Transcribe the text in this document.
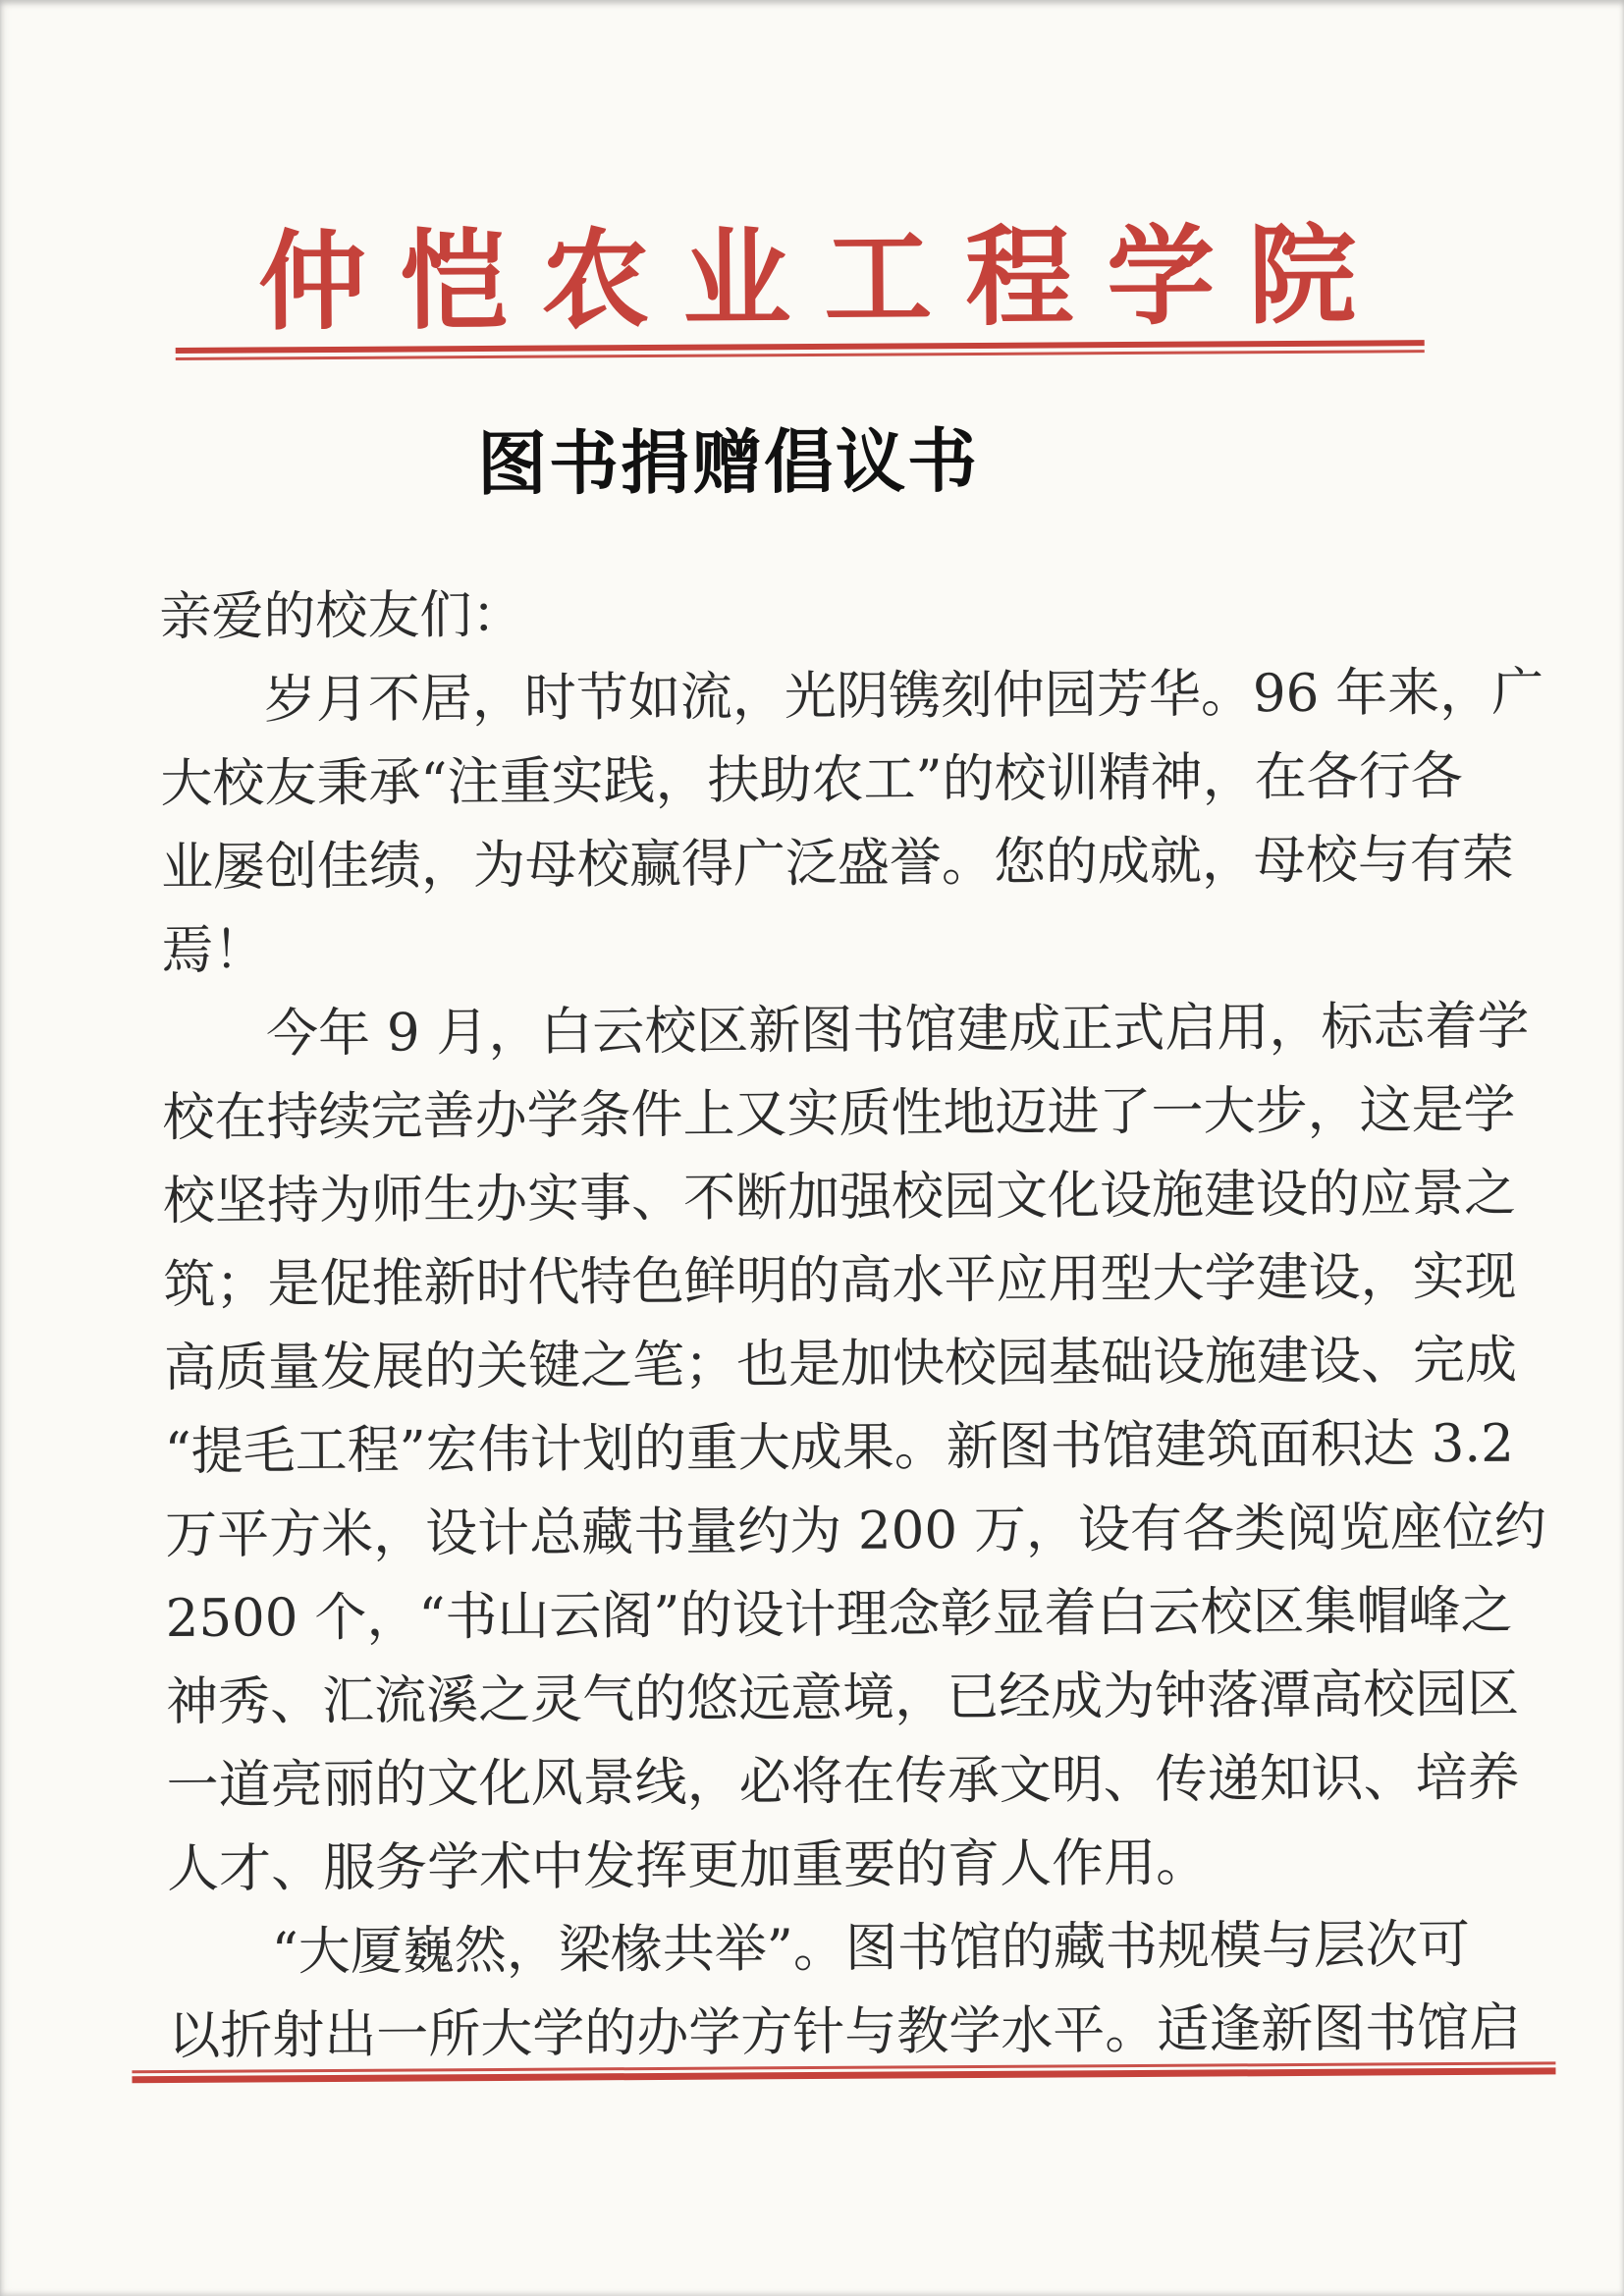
仲恺农业工程学院
图书捐赠倡议书
亲爱的校友们：
岁月不居，时节如流，光阴镌刻仲园芳华。96 年来，广
大校友秉承“注重实践，扶助农工”的校训精神，在各行各
业屡创佳绩，为母校赢得广泛盛誉。您的成就，母校与有荣
焉！
今年 9 月，白云校区新图书馆建成正式启用，标志着学
校在持续完善办学条件上又实质性地迈进了一大步，这是学
校坚持为师生办实事、不断加强校园文化设施建设的应景之
筑；是促推新时代特色鲜明的高水平应用型大学建设，实现
高质量发展的关键之笔；也是加快校园基础设施建设、完成
“提毛工程”宏伟计划的重大成果。新图书馆建筑面积达 3.2
万平方米，设计总藏书量约为 200 万，设有各类阅览座位约
2500 个，“书山云阁”的设计理念彰显着白云校区集帽峰之
神秀、汇流溪之灵气的悠远意境，已经成为钟落潭高校园区
一道亮丽的文化风景线，必将在传承文明、传递知识、培养
人才、服务学术中发挥更加重要的育人作用。
“大厦巍然，梁椽共举”。图书馆的藏书规模与层次可
以折射出一所大学的办学方针与教学水平。适逢新图书馆启
